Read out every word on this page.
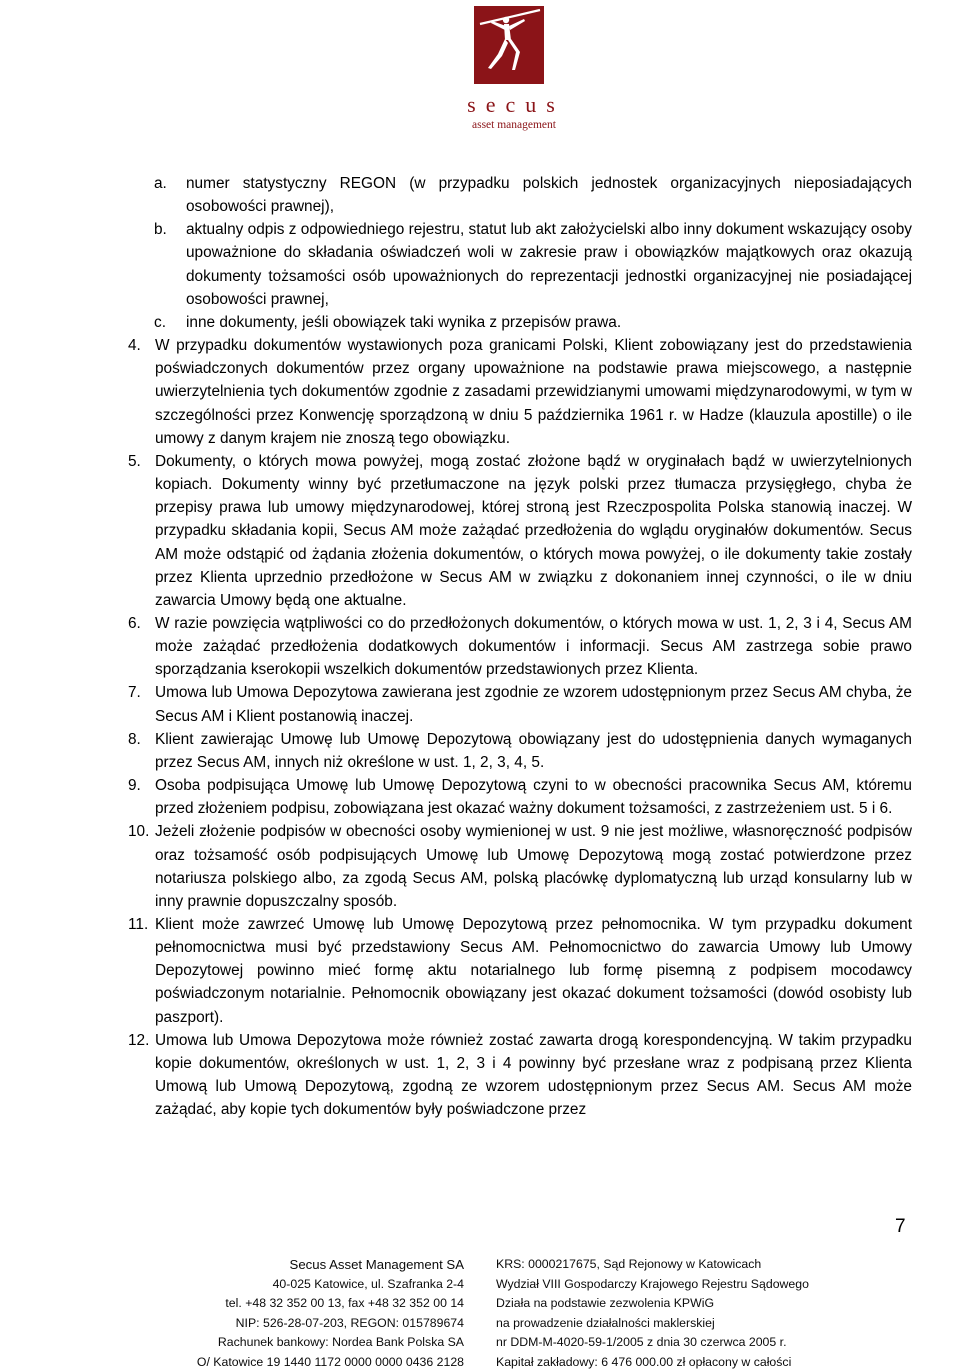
secus
asset management
a. numer statystyczny REGON (w przypadku polskich jednostek organizacyjnych nieposiadających osobowości prawnej),
b. aktualny odpis z odpowiedniego rejestru, statut lub akt założycielski albo inny dokument wskazujący osoby upoważnione do składania oświadczeń woli w zakresie praw i obowiązków majątkowych oraz okazują dokumenty tożsamości osób upoważnionych do reprezentacji jednostki organizacyjnej nie posiadającej osobowości prawnej,
c. inne dokumenty, jeśli obowiązek taki wynika z przepisów prawa.
4. W przypadku dokumentów wystawionych poza granicami Polski, Klient zobowiązany jest do przedstawienia poświadczonych dokumentów przez organy upoważnione na podstawie prawa miejscowego, a następnie uwierzytelnienia tych dokumentów zgodnie z zasadami przewidzianymi umowami międzynarodowymi, w tym w szczególności przez Konwencję sporządzoną w dniu 5 października 1961 r. w Hadze (klauzula apostille) o ile umowy z danym krajem nie znoszą tego obowiązku.
5. Dokumenty, o których mowa powyżej, mogą zostać złożone bądź w oryginałach bądź w uwierzytelnionych kopiach. Dokumenty winny być przetłumaczone na język polski przez tłumacza przysięgłego, chyba że przepisy prawa lub umowy międzynarodowej, której stroną jest Rzeczpospolita Polska stanowią inaczej. W przypadku składania kopii, Secus AM może zażądać przedłożenia do wglądu oryginałów dokumentów. Secus AM może odstąpić od żądania złożenia dokumentów, o których mowa powyżej, o ile dokumenty takie zostały przez Klienta uprzednio przedłożone w Secus AM w związku z dokonaniem innej czynności, o ile w dniu zawarcia Umowy będą one aktualne.
6. W razie powzięcia wątpliwości co do przedłożonych dokumentów, o których mowa w ust. 1, 2, 3 i 4, Secus AM może zażądać przedłożenia dodatkowych dokumentów i informacji. Secus AM zastrzega sobie prawo sporządzania kserokopii wszelkich dokumentów przedstawionych przez Klienta.
7. Umowa lub Umowa Depozytowa zawierana jest zgodnie ze wzorem udostępnionym przez Secus AM chyba, że Secus AM i Klient postanowią inaczej.
8. Klient zawierając Umowę lub Umowę Depozytową obowiązany jest do udostępnienia danych wymaganych przez Secus AM, innych niż określone w ust. 1, 2, 3, 4, 5.
9. Osoba podpisująca Umowę lub Umowę Depozytową czyni to w obecności pracownika Secus AM, któremu przed złożeniem podpisu, zobowiązana jest okazać ważny dokument tożsamości, z zastrzeżeniem ust. 5 i 6.
10. Jeżeli złożenie podpisów w obecności osoby wymienionej w ust. 9 nie jest możliwe, własnoręczność podpisów oraz tożsamość osób podpisujących Umowę lub Umowę Depozytową mogą zostać potwierdzone przez notariusza polskiego albo, za zgodą Secus AM, polską placówkę dyplomatyczną lub urząd konsularny lub w inny prawnie dopuszczalny sposób.
11. Klient może zawrzeć Umowę lub Umowę Depozytową przez pełnomocnika. W tym przypadku dokument pełnomocnictwa musi być przedstawiony Secus AM. Pełnomocnictwo do zawarcia Umowy lub Umowy Depozytowej powinno mieć formę aktu notarialnego lub formę pisemną z podpisem mocodawcy poświadczonym notarialnie. Pełnomocnik obowiązany jest okazać dokument tożsamości (dowód osobisty lub paszport).
12. Umowa lub Umowa Depozytowa może również zostać zawarta drogą korespondencyjną. W takim przypadku kopie dokumentów, określonych w ust. 1, 2, 3 i 4 powinny być przesłane wraz z podpisaną przez Klienta Umową lub Umową Depozytową, zgodną ze wzorem udostępnionym przez Secus AM. Secus AM może zażądać, aby kopie tych dokumentów były poświadczone przez
7
Secus Asset Management SA
40-025 Katowice, ul. Szafranka 2-4
tel. +48 32 352 00 13, fax +48 32 352 00 14
NIP: 526-28-07-203, REGON: 015789674
Rachunek bankowy: Nordea Bank Polska SA
O/ Katowice 19 1440 1172 0000 0000 0436 2128
KRS: 0000217675, Sąd Rejonowy w Katowicach
Wydział VIII Gospodarczy Krajowego Rejestru Sądowego
Działa na podstawie zezwolenia KPWiG
na prowadzenie działalności maklerskiej
nr DDM-M-4020-59-1/2005 z dnia 30 czerwca 2005 r.
Kapitał zakładowy: 6 476 000.00 zł opłacony w całości
